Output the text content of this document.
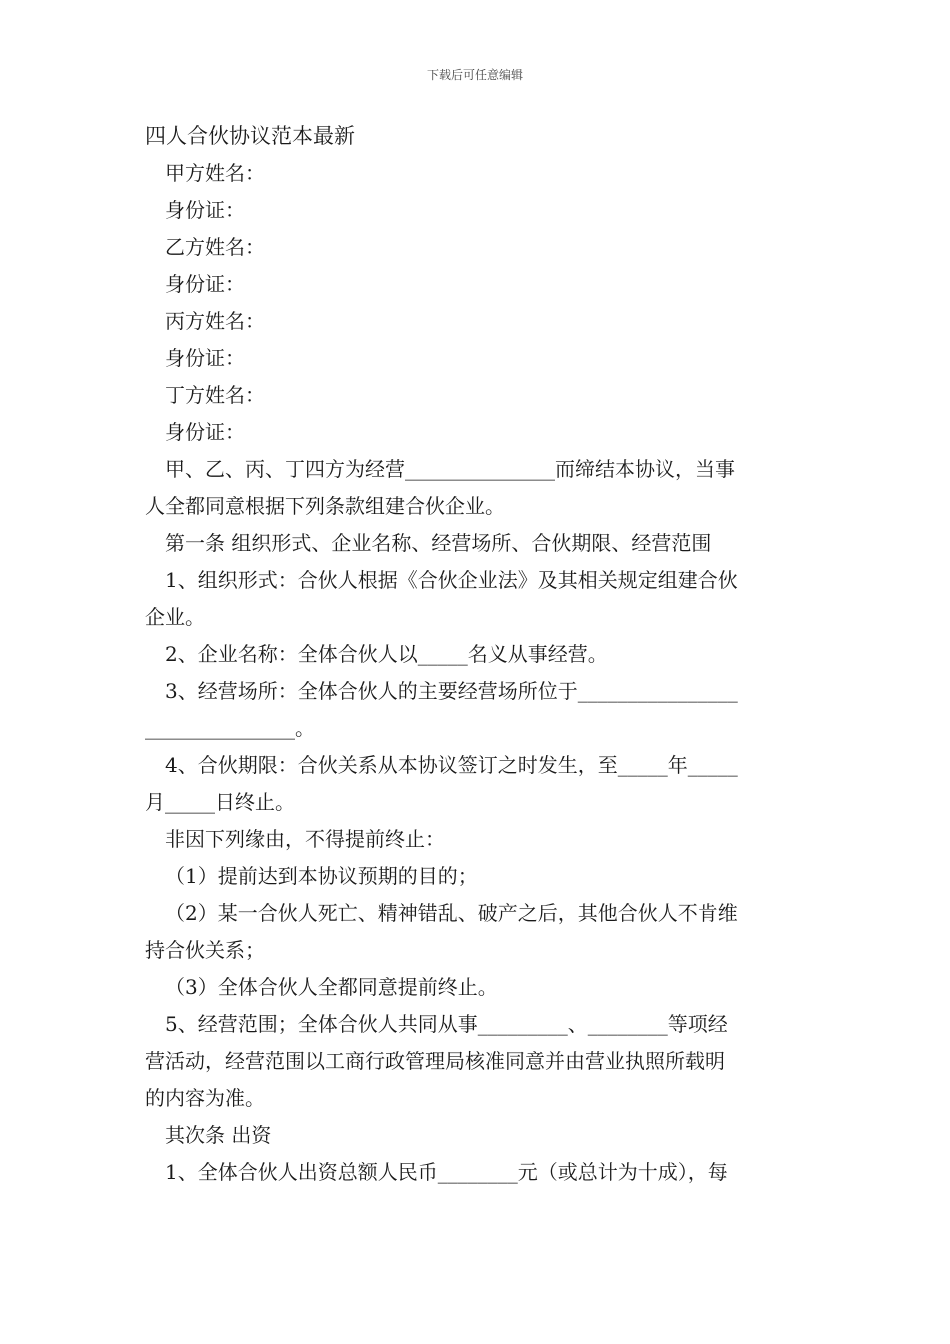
下载后可任意编辑

四人合伙协议范本最新

甲方姓名：

身份证：

乙方姓名：

身份证：

丙方姓名：

身份证：

丁方姓名：

身份证：

甲、乙、丙、丁四方为经营_______________而缔结本协议，当事

人全都同意根据下列条款组建合伙企业。

第一条 组织形式、企业名称、经营场所、合伙期限、经营范围

1、组织形式：合伙人根据《合伙企业法》及其相关规定组建合伙

企业。

2、企业名称：全体合伙人以_____名义从事经营。

3、经营场所：全体合伙人的主要经营场所位于________________

_______________。

4、合伙期限：合伙关系从本协议签订之时发生，至_____年_____

月_____日终止。

非因下列缘由，不得提前终止：

（1）提前达到本协议预期的目的；

（2）某一合伙人死亡、精神错乱、破产之后，其他合伙人不肯维

持合伙关系；

（3）全体合伙人全都同意提前终止。

5、经营范围；全体合伙人共同从事_________、________等项经

营活动，经营范围以工商行政管理局核准同意并由营业执照所载明

的内容为准。

其次条 出资

1、全体合伙人出资总额人民币________元（或总计为十成），每
